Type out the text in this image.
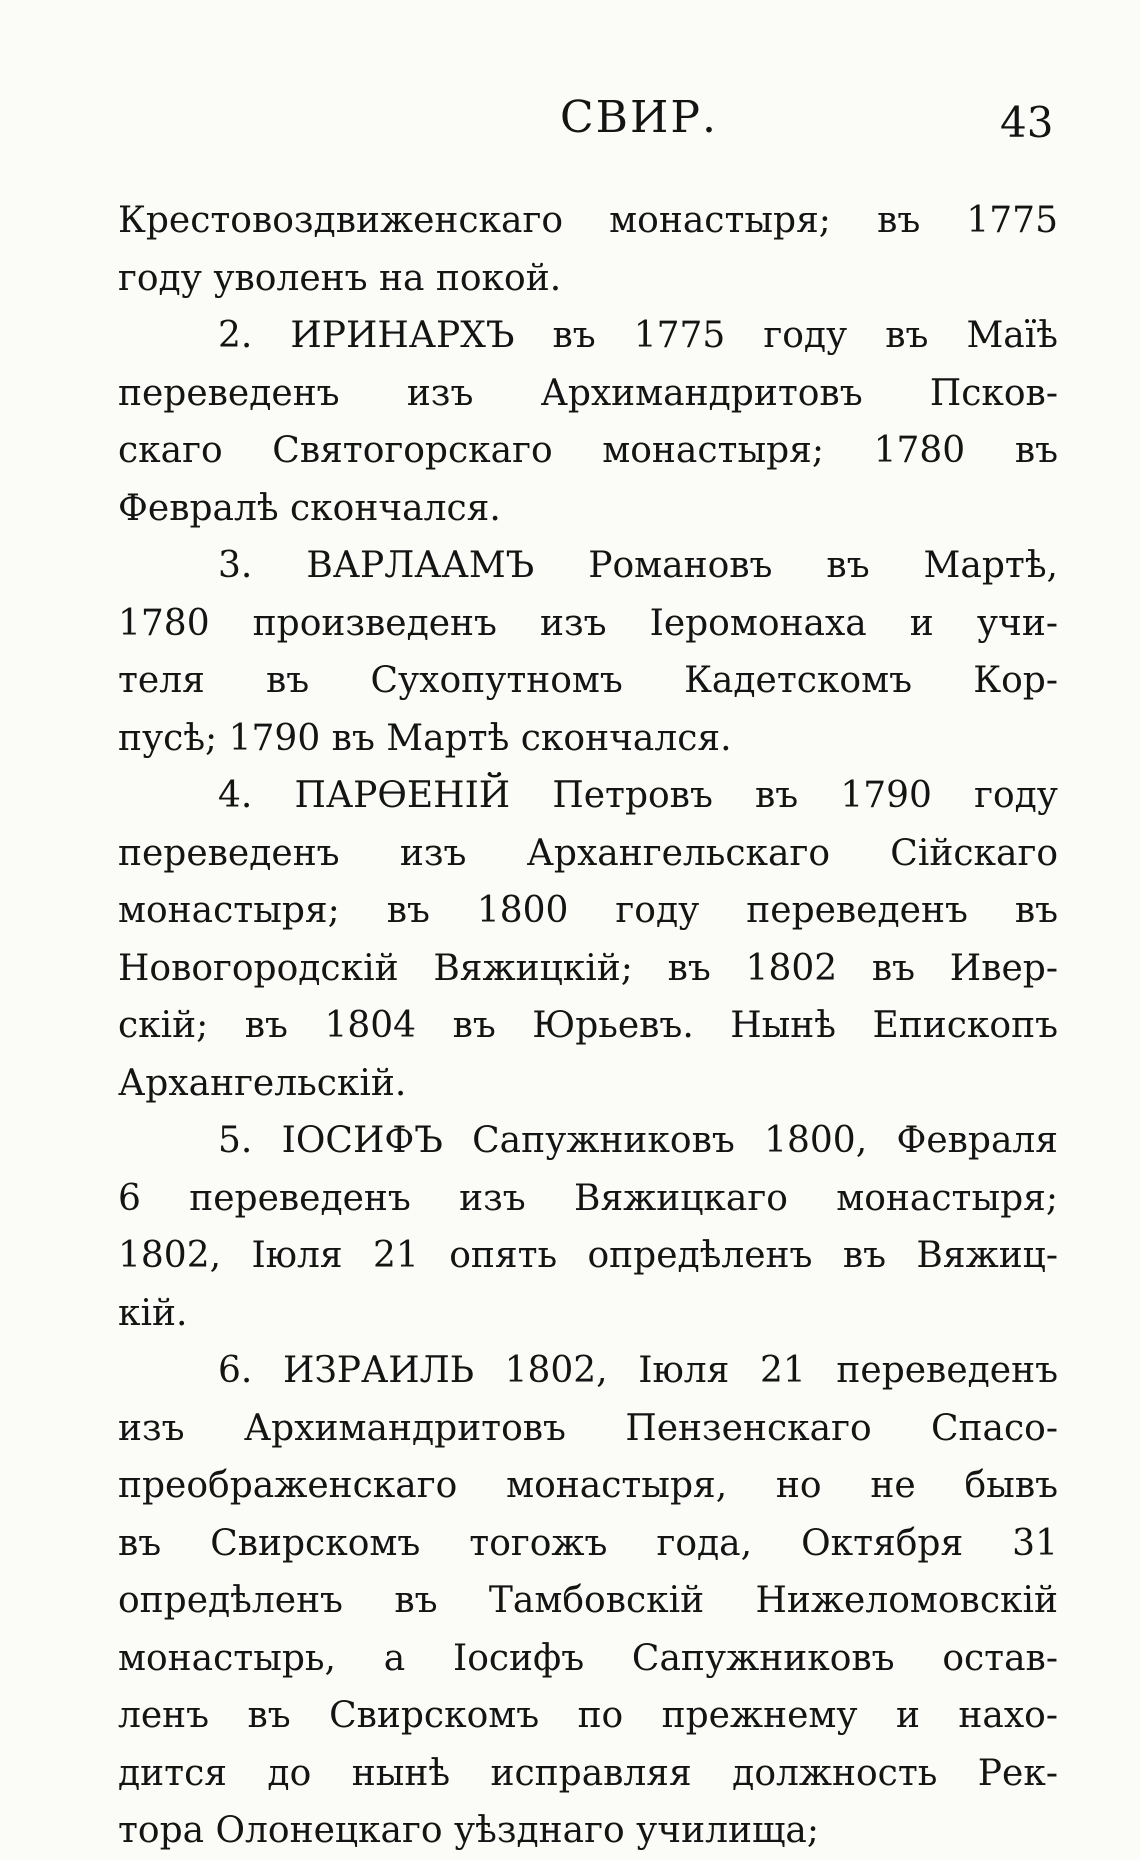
СВИР.	43
Крестовоздвиженскаго монастыря; въ 1775
году уволенъ на покой.
2. ИРИНАРХЪ въ 1775 году въ Маїѣ
переведенъ изъ Архимандритовъ Псков-
скаго Святогорскаго монастыря; 1780 въ
Февралѣ скончался.
3. ВАРЛААМЪ Романовъ въ Мартѣ,
1780 произведенъ изъ Іеромонаха и учи-
теля въ Сухопутномъ Кадетскомъ Кор-
пусѣ; 1790 въ Мартѣ скончался.
4. ПАРѲЕНІЙ Петровъ въ 1790 году
переведенъ изъ Архангельскаго Сійскаго
монастыря; въ 1800 году переведенъ въ
Новогородскій Вяжицкій; въ 1802 въ Ивер-
скій; въ 1804 въ Юрьевъ. Нынѣ Епископъ
Архангельскій.
5. ІОСИФЪ Сапужниковъ 1800, Февраля
6 переведенъ изъ Вяжицкаго монастыря;
1802, Іюля 21 опять опредѣленъ въ Вяжиц-
кій.
6. ИЗРАИЛЬ 1802, Іюля 21 переведенъ
изъ Архимандритовъ Пензенскаго Спасо-
преображенскаго монастыря, но не бывъ
въ Свирскомъ тогожъ года, Октября 31
опредѣленъ въ Тамбовскій Нижеломовскій
монастырь, а Іосифъ Сапужниковъ остав-
ленъ въ Свирскомъ по прежнему и нахо-
дится до нынѣ исправляя должность Рек-
тора Олонецкаго уѣзднаго училища;
